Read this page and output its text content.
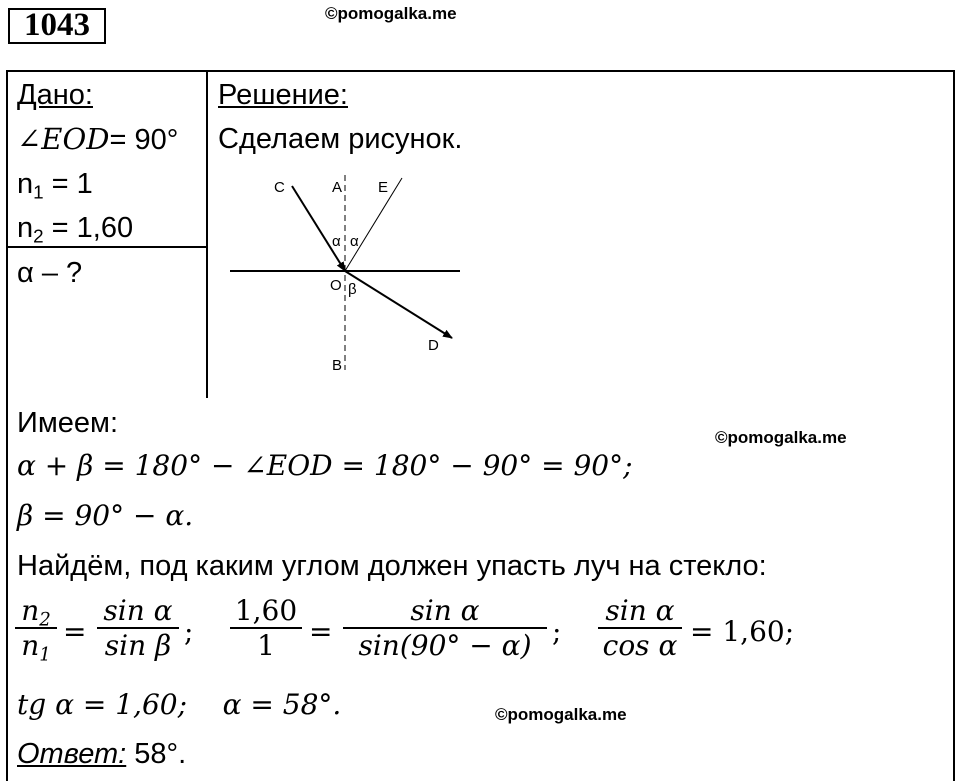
1043	©pomogalka.me
Дано:
∠EOD= 90°
$n_1 = 1$
$n_2 = 1,60$
α – ?
Решение:
Сделаем рисунок.
C	A E
α α
O β
D
B
Имеем:	©pomogalka.me
α + β = 180° − ∠EOD = 180° − 90° = 90°;
β = 90° − α.
Найдём, под каким углом должен упасть луч на стекло:
$n_2$
$n_1$
=
sin α
sin β ;
1,60
1	=
sin α
sin(90° − α) ;
sin α
cos α = 1,60;
tg α = 1,60;    α = 58°.	©pomogalka.me
Ответ: 58°.
